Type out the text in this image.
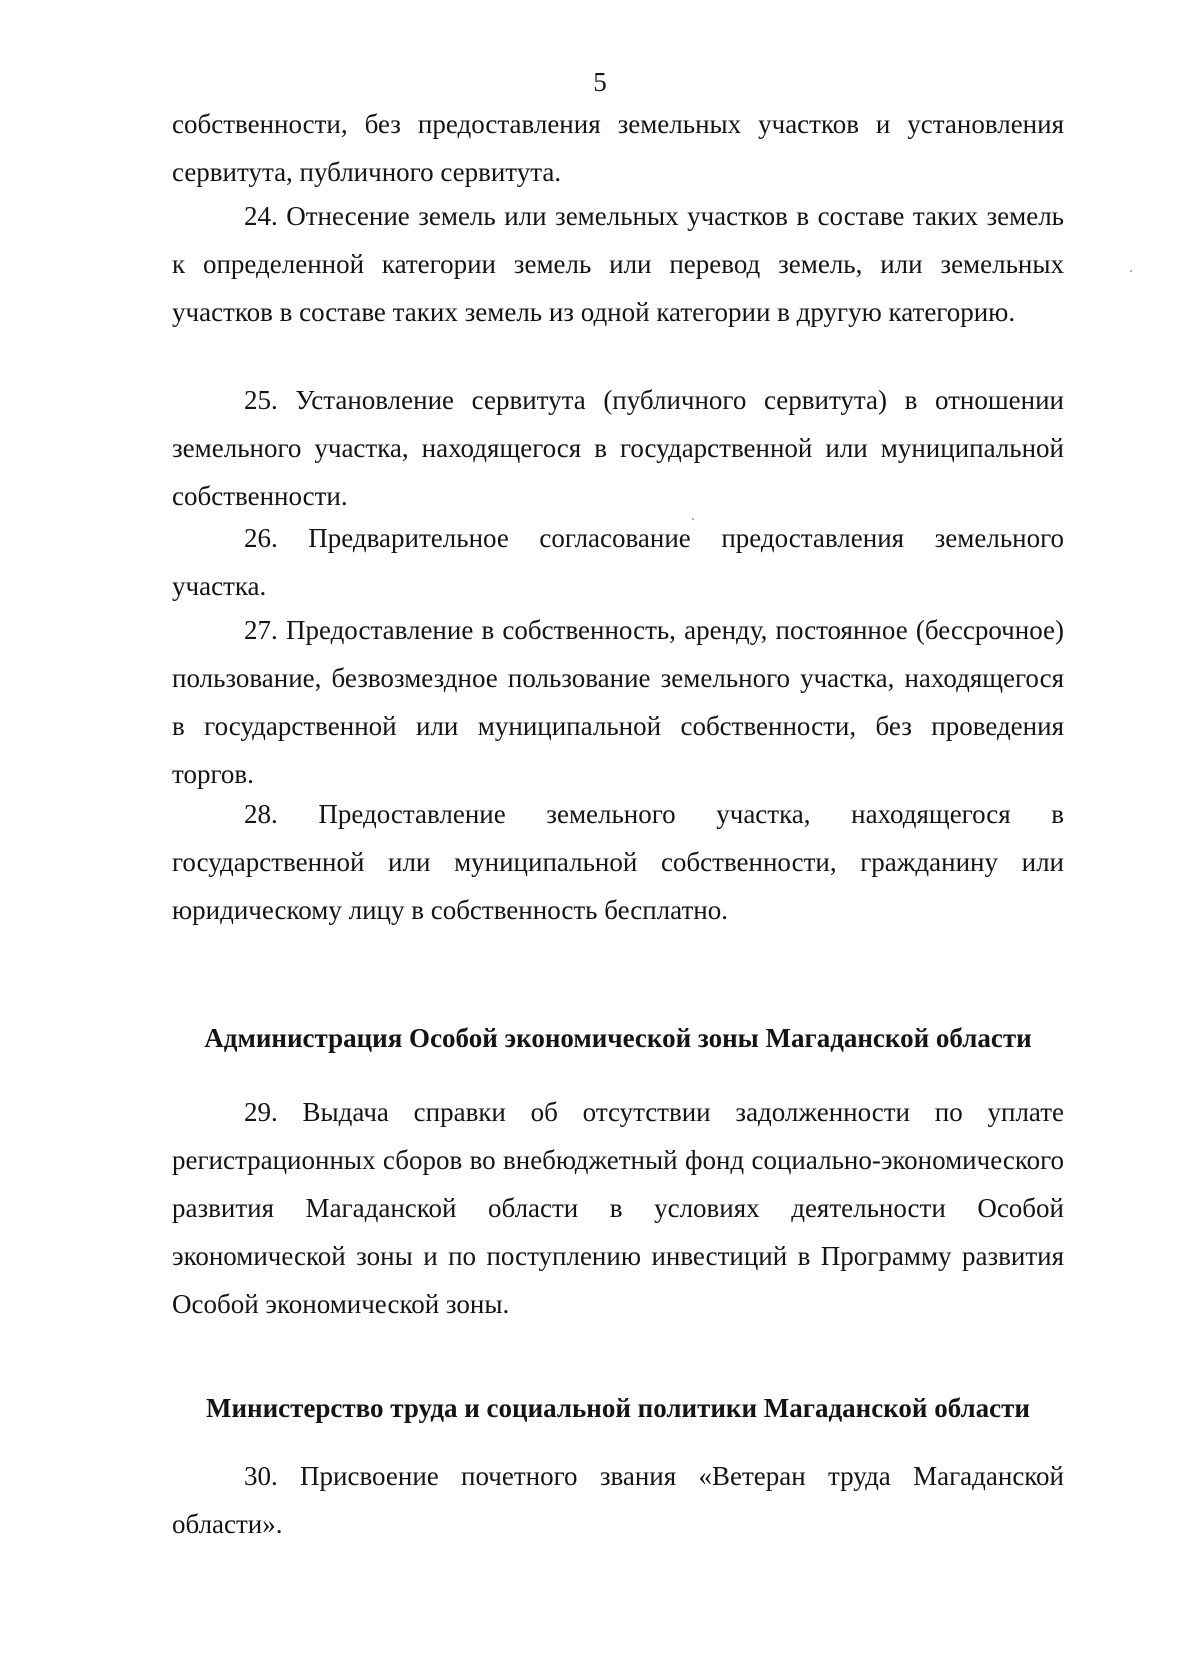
5

собственности, без предоставления земельных участков и установления сервитута, публичного сервитута.

24. Отнесение земель или земельных участков в составе таких земель к определенной категории земель или перевод земель, или земельных участков в составе таких земель из одной категории в другую категорию.

25. Установление сервитута (публичного сервитута) в отношении земельного участка, находящегося в государственной или муниципальной собственности.

26. Предварительное согласование предоставления земельного участка.

27. Предоставление в собственность, аренду, постоянное (бессрочное) пользование, безвозмездное пользование земельного участка, находящегося в государственной или муниципальной собственности, без проведения торгов.

28. Предоставление земельного участка, находящегося в государственной или муниципальной собственности, гражданину или юридическому лицу в собственность бесплатно.

Администрация Особой экономической зоны Магаданской области

29. Выдача справки об отсутствии задолженности по уплате регистрационных сборов во внебюджетный фонд социально-экономического развития Магаданской области в условиях деятельности Особой экономической зоны и по поступлению инвестиций в Программу развития Особой экономической зоны.

Министерство труда и социальной политики Магаданской области

30. Присвоение почетного звания «Ветеран труда Магаданской области».
